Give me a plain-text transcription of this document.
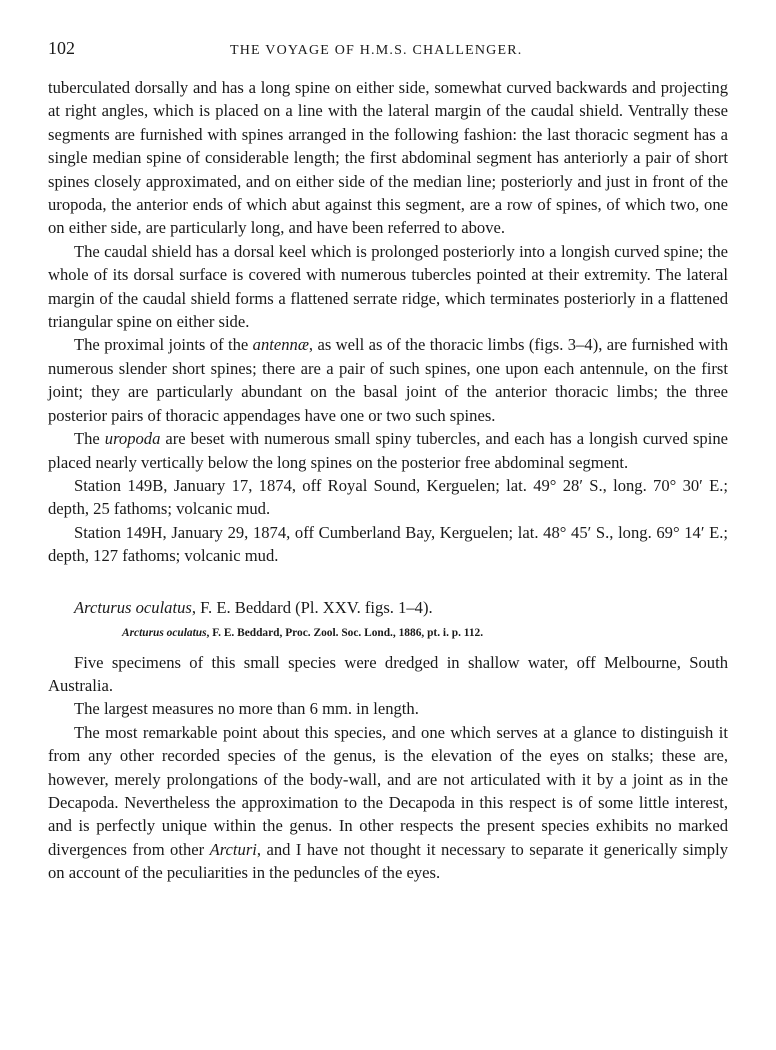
102	THE VOYAGE OF H.M.S. CHALLENGER.

tuberculated dorsally and has a long spine on either side, somewhat curved backwards and projecting at right angles, which is placed on a line with the lateral margin of the caudal shield. Ventrally these segments are furnished with spines arranged in the following fashion: the last thoracic segment has a single median spine of considerable length; the first abdominal segment has anteriorly a pair of short spines closely approximated, and on either side of the median line; posteriorly and just in front of the uropoda, the anterior ends of which abut against this segment, are a row of spines, of which two, one on either side, are particularly long, and have been referred to above.

The caudal shield has a dorsal keel which is prolonged posteriorly into a longish curved spine; the whole of its dorsal surface is covered with numerous tubercles pointed at their extremity. The lateral margin of the caudal shield forms a flattened serrate ridge, which terminates posteriorly in a flattened triangular spine on either side.

The proximal joints of the antennæ, as well as of the thoracic limbs (figs. 3–4), are furnished with numerous slender short spines; there are a pair of such spines, one upon each antennule, on the first joint; they are particularly abundant on the basal joint of the anterior thoracic limbs; the three posterior pairs of thoracic appendages have one or two such spines.

The uropoda are beset with numerous small spiny tubercles, and each has a longish curved spine placed nearly vertically below the long spines on the posterior free abdominal segment.

Station 149B, January 17, 1874, off Royal Sound, Kerguelen; lat. 49° 28′ S., long. 70° 30′ E.; depth, 25 fathoms; volcanic mud.

Station 149H, January 29, 1874, off Cumberland Bay, Kerguelen; lat. 48° 45′ S., long. 69° 14′ E.; depth, 127 fathoms; volcanic mud.

Arcturus oculatus, F. E. Beddard (Pl. XXV. figs. 1–4).

Arcturus oculatus, F. E. Beddard, Proc. Zool. Soc. Lond., 1886, pt. i. p. 112.

Five specimens of this small species were dredged in shallow water, off Melbourne, South Australia.

The largest measures no more than 6 mm. in length.

The most remarkable point about this species, and one which serves at a glance to distinguish it from any other recorded species of the genus, is the elevation of the eyes on stalks; these are, however, merely prolongations of the body-wall, and are not articulated with it by a joint as in the Decapoda. Nevertheless the approximation to the Decapoda in this respect is of some little interest, and is perfectly unique within the genus. In other respects the present species exhibits no marked divergences from other Arcturi, and I have not thought it necessary to separate it generically simply on account of the peculiarities in the peduncles of the eyes.
